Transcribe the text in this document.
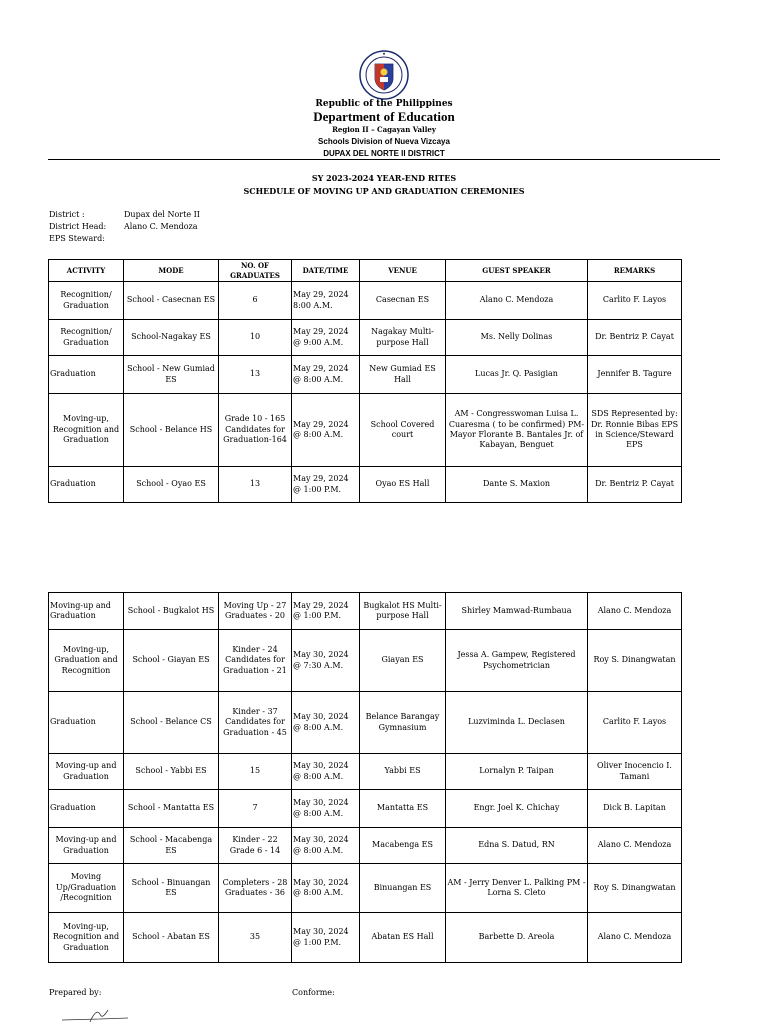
Republic of the Philippines
Department of Education
Region II – Cagayan Valley
Schools Division of Nueva Vizcaya
DUPAX DEL NORTE II DISTRICT
SY 2023-2024 YEAR-END RITES
SCHEDULE OF MOVING UP AND GRADUATION CEREMONIES
District :	Dupax del Norte II
District Head: Alano C. Mendoza
EPS Steward:
ACTIVITY	MODE	NO. OF GRADUATES	DATE/TIME	VENUE	GUEST SPEAKER	REMARKS
Recognition/ Graduation	School - Casecnan ES	6	May 29, 2024 8:00 A.M.	Casecnan ES	Alano C. Mendoza	Carlito F. Layos
Recognition/ Graduation	School-Nagakay ES	10	May 29, 2024 @ 9:00 A.M.	Nagakay Multi-purpose Hall	Ms. Nelly Dolinas	Dr. Bentriz P. Cayat
Graduation	School - New Gumiad ES	13	May 29, 2024 @ 8:00 A.M.	New Gumiad ES Hall	Lucas Jr. Q. Pasigian	Jennifer B. Tagure
Moving-up, Recognition and Graduation	School - Belance HS	Grade 10 - 165 Candidates for Graduation-164	May 29, 2024 @ 8:00 A.M.	School Covered court	AM - Congresswoman Luisa L. Cuaresma ( to be confirmed) PM- Mayor Florante B. Bantales Jr. of Kabayan, Benguet	SDS Represented by: Dr. Ronnie Bibas EPS in Science/Steward EPS
Graduation	School - Oyao ES	13	May 29, 2024 @ 1:00 P.M.	Oyao ES Hall	Dante S. Maxion	Dr. Bentriz P. Cayat
Moving-up and Graduation	School - Bugkalot HS	Moving Up - 27 Graduates - 20	May 29, 2024 @ 1:00 P.M.	Bugkalot HS Multi-purpose Hall	Shirley Mamwad-Rumbaua	Alano C. Mendoza
Moving-up, Graduation and Recognition	School - Giayan ES	Kinder - 24 Candidates for Graduation - 21	May 30, 2024 @ 7:30 A.M.	Giayan ES	Jessa A. Gampew, Registered Psychometrician	Roy S. Dinangwatan
Graduation	School - Belance CS	Kinder - 37 Candidates for Graduation - 45	May 30, 2024 @ 8:00 A.M.	Belance Barangay Gymnasium	Luzviminda L. Declasen	Carlito F. Layos
Moving-up and Graduation	School - Yabbi ES	15	May 30, 2024 @ 8:00 A.M.	Yabbi ES	Lornalyn P. Taipan	Oliver Inocencio I. Tamani
Graduation	School - Mantatta ES	7	May 30, 2024 @ 8:00 A.M.	Mantatta ES	Engr. Joel K. Chichay	Dick B. Lapitan
Moving-up and Graduation	School - Macabenga ES	Kinder - 22 Grade 6 - 14	May 30, 2024 @ 8:00 A.M.	Macabenga ES	Edna S. Datud, RN	Alano C. Mendoza
Moving Up/Graduation /Recognition	School - Binuangan ES	Completers - 28 Graduates - 36	May 30, 2024 @ 8:00 A.M.	Binuangan ES	AM - Jerry Denver L. Palking PM - Lorna S. Cleto	Roy S. Dinangwatan
Moving-up, Recognition and Graduation	School - Abatan ES	35	May 30, 2024 @ 1:00 P.M.	Abatan ES Hall	Barbette D. Areola	Alano C. Mendoza
Prepared by:	Conforme:
